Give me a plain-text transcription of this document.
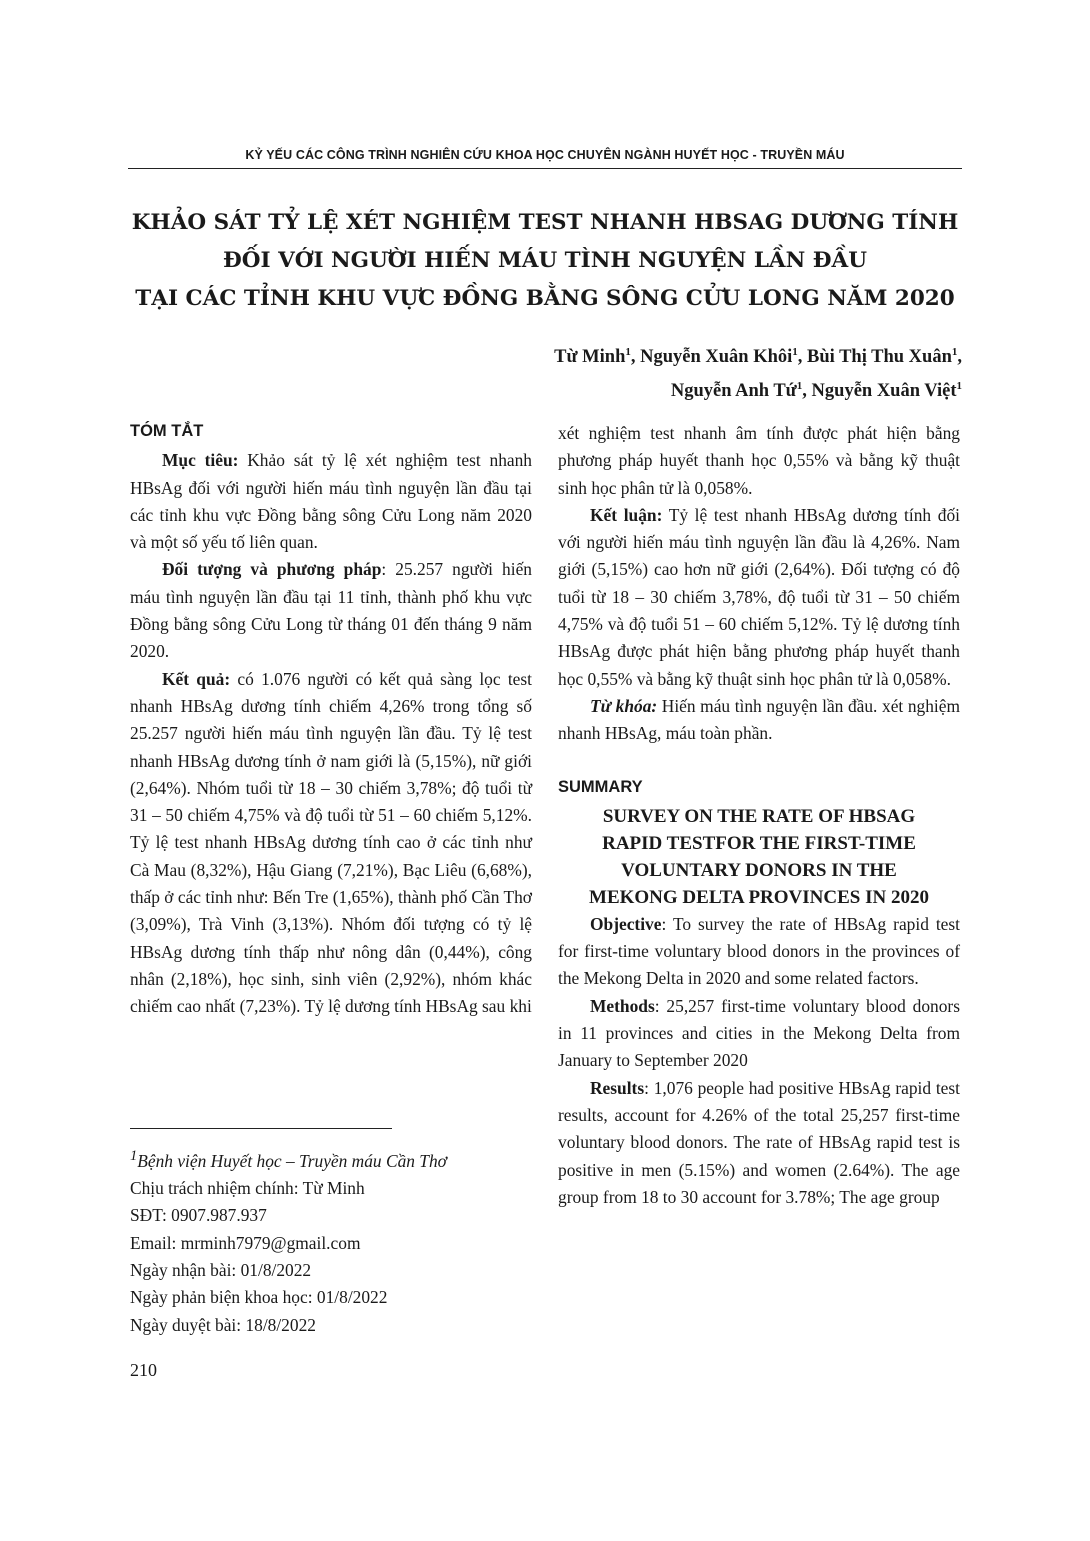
KỶ YẾU CÁC CÔNG TRÌNH NGHIÊN CỨU KHOA HỌC CHUYÊN NGÀNH HUYẾT HỌC - TRUYỀN MÁU
KHẢO SÁT TỶ LỆ XÉT NGHIỆM TEST NHANH HBSAG DƯƠNG TÍNH
ĐỐI VỚI NGƯỜI HIẾN MÁU TÌNH NGUYỆN LẦN ĐẦU
TẠI CÁC TỈNH KHU VỰC ĐỒNG BẰNG SÔNG CỬU LONG NĂM 2020
Từ Minh$^1$, Nguyễn Xuân Khôi$^1$, Bùi Thị Thu Xuân$^1$,
Nguyễn Anh Tứ$^1$, Nguyễn Xuân Việt$^1$

TÓM TẮT

Mục tiêu: Khảo sát tỷ lệ xét nghiệm test nhanh HBsAg đối với người hiến máu tình nguyện lần đầu tại các tỉnh khu vực Đồng bằng sông Cửu Long năm 2020 và một số yếu tố liên quan.

Đối tượng và phương pháp: 25.257 người hiến máu tình nguyện lần đầu tại 11 tỉnh, thành phố khu vực Đồng bằng sông Cửu Long từ tháng 01 đến tháng 9 năm 2020.

Kết quả: có 1.076 người có kết quả sàng lọc test nhanh HBsAg dương tính chiếm 4,26% trong tổng số 25.257 người hiến máu tình nguyện lần đầu. Tỷ lệ test nhanh HBsAg dương tính ở nam giới là (5,15%), nữ giới (2,64%). Nhóm tuổi từ 18 – 30 chiếm 3,78%; độ tuổi từ 31 – 50 chiếm 4,75% và độ tuổi từ 51 – 60 chiếm 5,12%. Tỷ lệ test nhanh HBsAg dương tính cao ở các tỉnh như Cà Mau (8,32%), Hậu Giang (7,21%), Bạc Liêu (6,68%), thấp ở các tỉnh như: Bến Tre (1,65%), thành phố Cần Thơ (3,09%), Trà Vinh (3,13%). Nhóm đối tượng có tỷ lệ HBsAg dương tính thấp như nông dân (0,44%), công nhân (2,18%), học sinh, sinh viên (2,92%), nhóm khác chiếm cao nhất (7,23%). Tỷ lệ dương tính HBsAg sau khi

$^1$Bệnh viện Huyết học – Truyền máu Cần Thơ
Chịu trách nhiệm chính: Từ Minh
SĐT: 0907.987.937
Email: mrminh7979@gmail.com
Ngày nhận bài: 01/8/2022
Ngày phản biện khoa học: 01/8/2022
Ngày duyệt bài: 18/8/2022
210

xét nghiệm test nhanh âm tính được phát hiện bằng phương pháp huyết thanh học 0,55% và bằng kỹ thuật sinh học phân tử là 0,058%.

Kết luận: Tỷ lệ test nhanh HBsAg dương tính đối với người hiến máu tình nguyện lần đầu là 4,26%. Nam giới (5,15%) cao hơn nữ giới (2,64%). Đối tượng có độ tuổi từ 18 – 30 chiếm 3,78%, độ tuổi từ 31 – 50 chiếm 4,75% và độ tuổi 51 – 60 chiếm 5,12%. Tỷ lệ dương tính HBsAg được phát hiện bằng phương pháp huyết thanh học 0,55% và bằng kỹ thuật sinh học phân tử là 0,058%.

Từ khóa: Hiến máu tình nguyện lần đầu. xét nghiệm nhanh HBsAg, máu toàn phần.

SUMMARY

SURVEY ON THE RATE OF HBSAG

RAPID TESTFOR THE FIRST-TIME

VOLUNTARY DONORS IN THE

MEKONG DELTA PROVINCES IN 2020

Objective: To survey the rate of HBsAg rapid test for first-time voluntary blood donors in the provinces of the Mekong Delta in 2020 and some related factors.

Methods: 25,257 first-time voluntary blood donors in 11 provinces and cities in the Mekong Delta from January to September 2020

Results: 1,076 people had positive HBsAg rapid test results, account for 4.26% of the total 25,257 first-time voluntary blood donors. The rate of HBsAg rapid test is positive in men (5.15%) and women (2.64%). The age group from 18 to 30 account for 3.78%; The age group
